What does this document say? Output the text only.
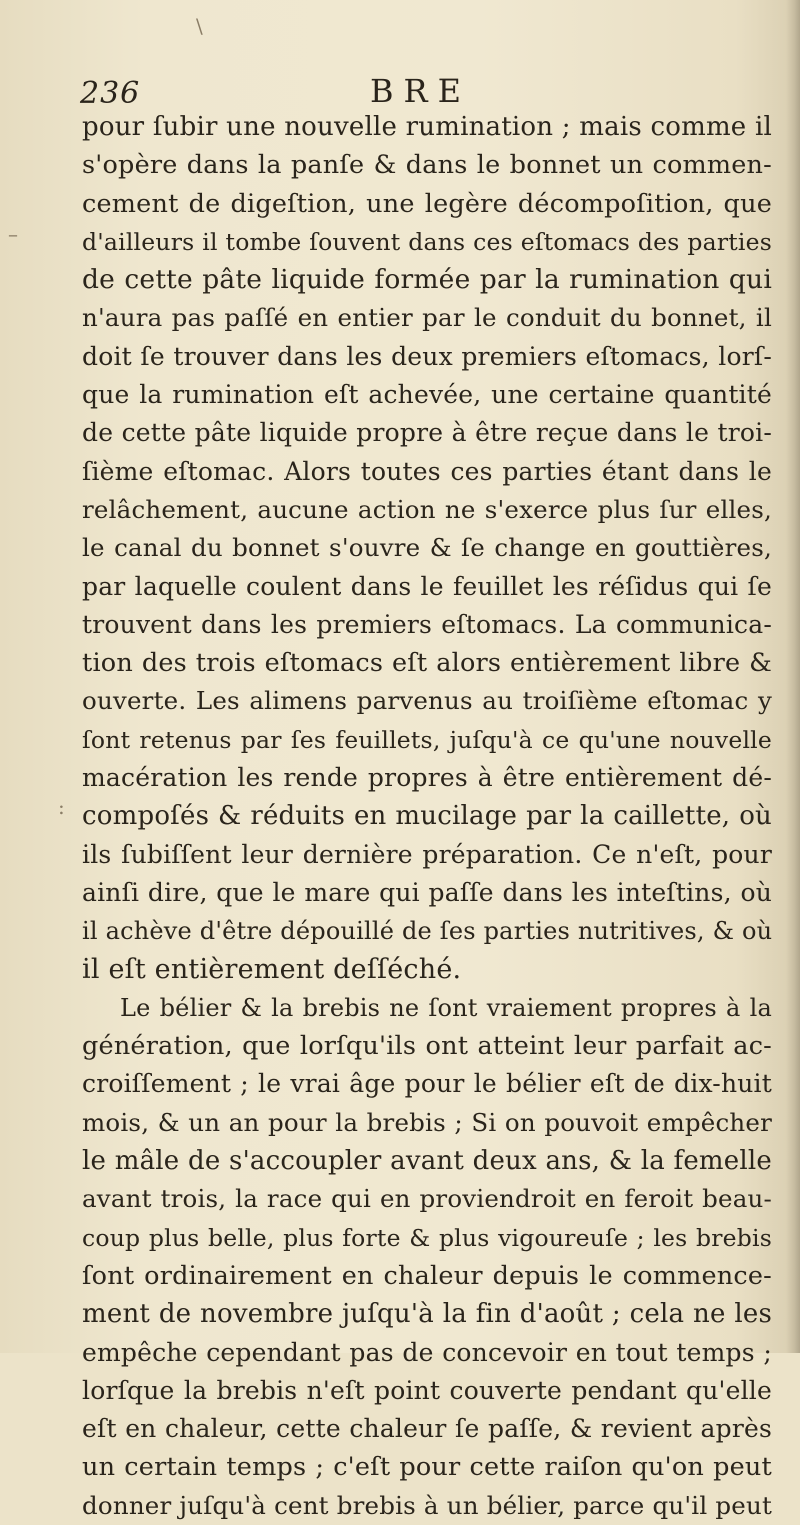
236	BRE
\
–
:
pour ſubir une nouvelle rumination ; mais comme il
s'opère dans la panſe & dans le bonnet un commen-
cement de digeſtion, une legère décompoſition, que
d'ailleurs il tombe ſouvent dans ces eſtomacs des parties
de cette pâte liquide formée par la rumination qui
n'aura pas paſſé en entier par le conduit du bonnet, il
doit ſe trouver dans les deux premiers eſtomacs, lorſ-
que la rumination eſt achevée, une certaine quantité
de cette pâte liquide propre à être reçue dans le troi-
ſième eſtomac. Alors toutes ces parties étant dans le
relâchement, aucune action ne s'exerce plus ſur elles,
le canal du bonnet s'ouvre & ſe change en gouttières,
par laquelle coulent dans le feuillet les réſidus qui ſe
trouvent dans les premiers eſtomacs. La communica-
tion des trois eſtomacs eſt alors entièrement libre &
ouverte. Les alimens parvenus au troiſième eſtomac y
ſont retenus par ſes feuillets, juſqu'à ce qu'une nouvelle
macération les rende propres à être entièrement dé-
compoſés & réduits en mucilage par la caillette, où
ils ſubiſſent leur dernière préparation. Ce n'eſt, pour
ainſi dire, que le mare qui paſſe dans les inteſtins, où
il achève d'être dépouillé de ſes parties nutritives, & où
il eſt entièrement deſſéché.
Le bélier & la brebis ne ſont vraiement propres à la
génération, que lorſqu'ils ont atteint leur parfait ac-
croiſſement ; le vrai âge pour le bélier eſt de dix-huit
mois, & un an pour la brebis ; Si on pouvoit empêcher
le mâle de s'accoupler avant deux ans, & la femelle
avant trois, la race qui en proviendroit en feroit beau-
coup plus belle, plus forte & plus vigoureuſe ; les brebis
ſont ordinairement en chaleur depuis le commence-
ment de novembre juſqu'à la fin d'août ; cela ne les
empêche cependant pas de concevoir en tout temps ;
lorſque la brebis n'eſt point couverte pendant qu'elle
eſt en chaleur, cette chaleur ſe paſſe, & revient après
un certain temps ; c'eſt pour cette raiſon qu'on peut
donner juſqu'à cent brebis à un bélier, parce qu'il peut
